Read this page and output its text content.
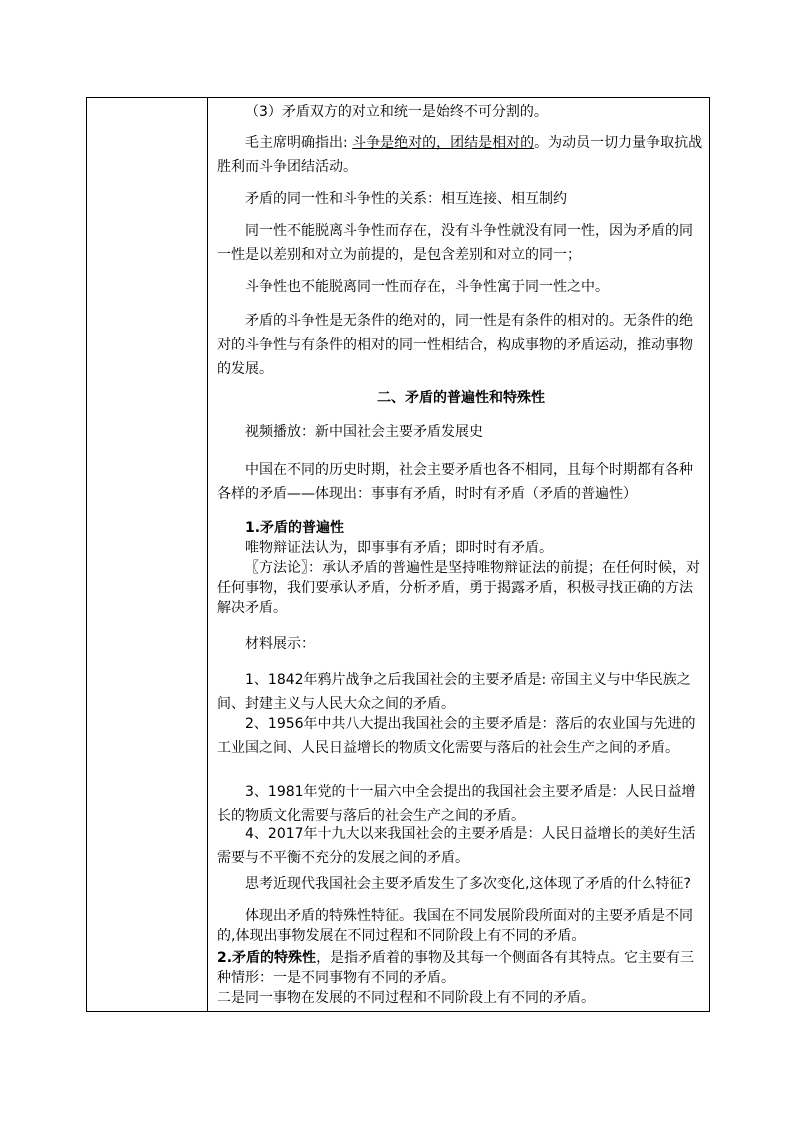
（3）矛盾双方的对立和统一是始终不可分割的。

毛主席明确指出: 斗争是绝对的，团结是相对的。为动员一切力量争取抗战胜利而斗争团结活动。

矛盾的同一性和斗争性的关系：相互连接、相互制约

同一性不能脱离斗争性而存在，没有斗争性就没有同一性，因为矛盾的同一性是以差别和对立为前提的，是包含差别和对立的同一；

斗争性也不能脱离同一性而存在，斗争性寓于同一性之中。

矛盾的斗争性是无条件的绝对的，同一性是有条件的相对的。无条件的绝对的斗争性与有条件的相对的同一性相结合，构成事物的矛盾运动，推动事物的发展。

二、矛盾的普遍性和特殊性

视频播放：新中国社会主要矛盾发展史

中国在不同的历史时期，社会主要矛盾也各不相同，且每个时期都有各种各样的矛盾——体现出：事事有矛盾，时时有矛盾（矛盾的普遍性）

1.矛盾的普遍性

唯物辩证法认为，即事事有矛盾；即时时有矛盾。

〖方法论〗：承认矛盾的普遍性是坚持唯物辩证法的前提；在任何时候，对任何事物，我们要承认矛盾，分析矛盾，勇于揭露矛盾，积极寻找正确的方法解决矛盾。

材料展示：

1、1842年鸦片战争之后我国社会的主要矛盾是: 帝国主义与中华民族之间、封建主义与人民大众之间的矛盾。

2、1956年中共八大提出我国社会的主要矛盾是：落后的农业国与先进的工业国之间、人民日益增长的物质文化需要与落后的社会生产之间的矛盾。

3、1981年党的十一届六中全会提出的我国社会主要矛盾是：人民日益增长的物质文化需要与落后的社会生产之间的矛盾。

4、2017年十九大以来我国社会的主要矛盾是：人民日益增长的美好生活需要与不平衡不充分的发展之间的矛盾。

思考近现代我国社会主要矛盾发生了多次变化,这体现了矛盾的什么特征?

体现出矛盾的特殊性特征。我国在不同发展阶段所面对的主要矛盾是不同的,体现出事物发展在不同过程和不同阶段上有不同的矛盾。

2.矛盾的特殊性，是指矛盾着的事物及其每一个侧面各有其特点。它主要有三种情形：一是不同事物有不同的矛盾。

二是同一事物在发展的不同过程和不同阶段上有不同的矛盾。
